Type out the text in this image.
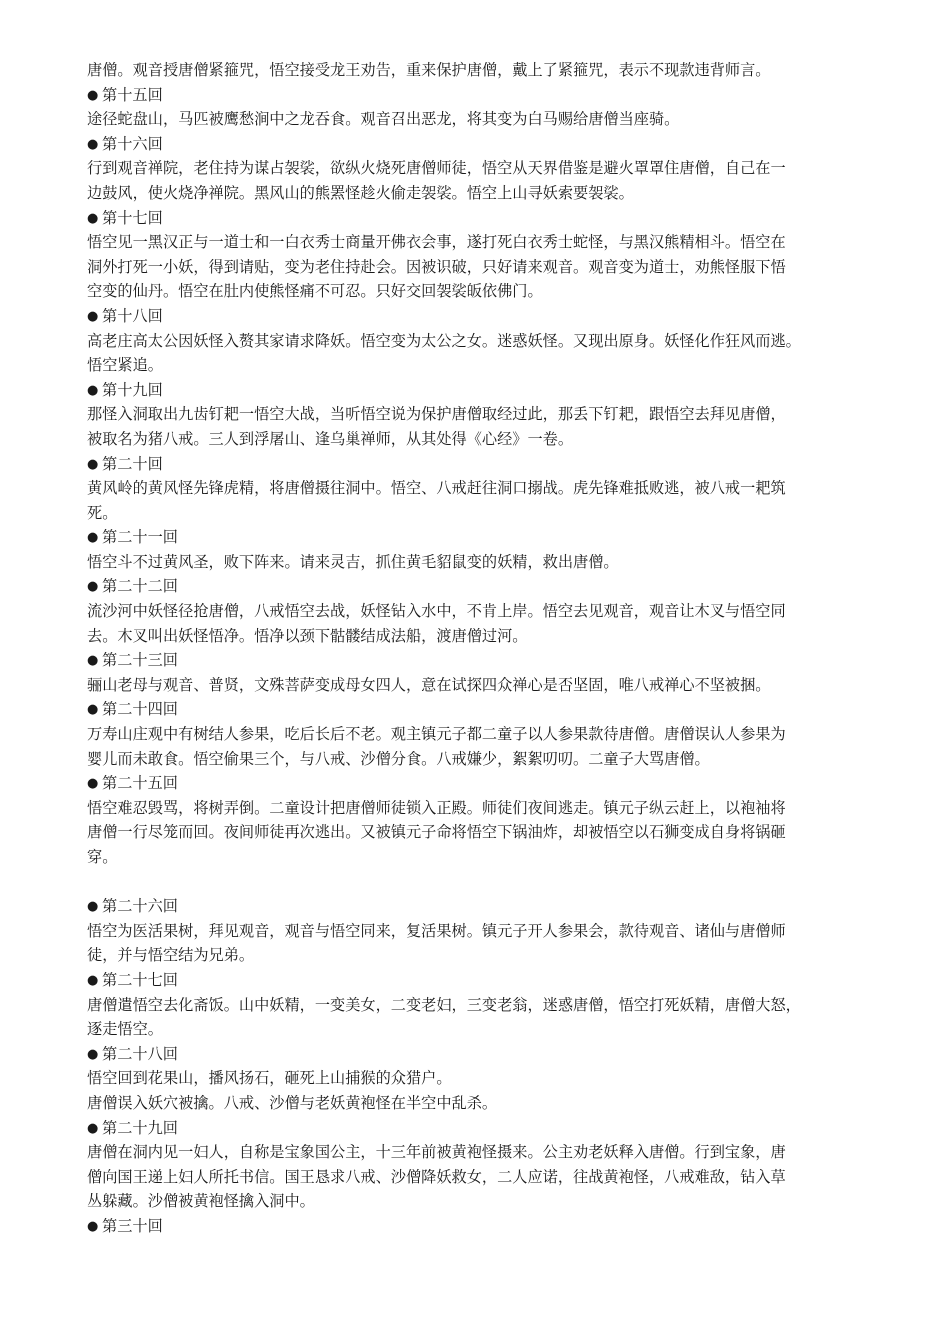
唐僧。观音授唐僧紧箍咒，悟空接受龙王劝告，重来保护唐僧，戴上了紧箍咒，表示不现款违背师言。
● 第十五回
途径蛇盘山，马匹被鹰愁涧中之龙吞食。观音召出恶龙，将其变为白马赐给唐僧当座骑。
● 第十六回
行到观音禅院，老住持为谋占袈裟，欲纵火烧死唐僧师徒，悟空从天界借鉴是避火罩罩住唐僧，自己在一
边鼓风，使火烧净禅院。黑风山的熊罴怪趁火偷走袈裟。悟空上山寻妖索要袈裟。
● 第十七回
悟空见一黑汉正与一道士和一白衣秀士商量开佛衣会事，遂打死白衣秀士蛇怪，与黑汉熊精相斗。悟空在
洞外打死一小妖，得到请贴，变为老住持赴会。因被识破，只好请来观音。观音变为道士，劝熊怪服下悟
空变的仙丹。悟空在肚内使熊怪痛不可忍。只好交回袈裟皈依佛门。
● 第十八回
高老庄高太公因妖怪入赘其家请求降妖。悟空变为太公之女。迷惑妖怪。又现出原身。妖怪化作狂风而逃。
悟空紧追。
● 第十九回
那怪入洞取出九齿钉耙一悟空大战，当听悟空说为保护唐僧取经过此，那丢下钉耙，跟悟空去拜见唐僧，
被取名为猪八戒。三人到浮屠山、逢乌巢禅师，从其处得《心经》一卷。
● 第二十回
黄风岭的黄风怪先锋虎精，将唐僧摄往洞中。悟空、八戒赶往洞口搦战。虎先锋难抵败逃，被八戒一耙筑
死。
● 第二十一回
悟空斗不过黄风圣，败下阵来。请来灵吉，抓住黄毛貂鼠变的妖精，救出唐僧。
● 第二十二回
流沙河中妖怪径抢唐僧，八戒悟空去战，妖怪钻入水中，不肯上岸。悟空去见观音，观音让木叉与悟空同
去。木叉叫出妖怪悟净。悟净以颈下骷髅结成法船，渡唐僧过河。
● 第二十三回
骊山老母与观音、普贤，文殊菩萨变成母女四人，意在试探四众禅心是否坚固，唯八戒禅心不坚被捆。
● 第二十四回
万寿山庄观中有树结人参果，吃后长后不老。观主镇元子都二童子以人参果款待唐僧。唐僧误认人参果为
婴儿而未敢食。悟空偷果三个，与八戒、沙僧分食。八戒嫌少，絮絮叨叨。二童子大骂唐僧。
● 第二十五回
悟空难忍毁骂，将树弄倒。二童设计把唐僧师徒锁入正殿。师徒们夜间逃走。镇元子纵云赶上，以袍袖将
唐僧一行尽笼而回。夜间师徒再次逃出。又被镇元子命将悟空下锅油炸，却被悟空以石狮变成自身将锅砸
穿。
● 第二十六回
悟空为医活果树，拜见观音，观音与悟空同来，复活果树。镇元子开人参果会，款待观音、诸仙与唐僧师
徒，并与悟空结为兄弟。
● 第二十七回
唐僧遣悟空去化斋饭。山中妖精，一变美女，二变老妇，三变老翁，迷惑唐僧，悟空打死妖精，唐僧大怒，
逐走悟空。
● 第二十八回
悟空回到花果山，播风扬石，砸死上山捕猴的众猎户。
唐僧误入妖穴被擒。八戒、沙僧与老妖黄袍怪在半空中乱杀。
● 第二十九回
唐僧在洞内见一妇人，自称是宝象国公主，十三年前被黄袍怪摄来。公主劝老妖释入唐僧。行到宝象，唐
僧向国王递上妇人所托书信。国王恳求八戒、沙僧降妖救女，二人应诺，往战黄袍怪，八戒难敌，钻入草
丛躲藏。沙僧被黄袍怪擒入洞中。
● 第三十回
